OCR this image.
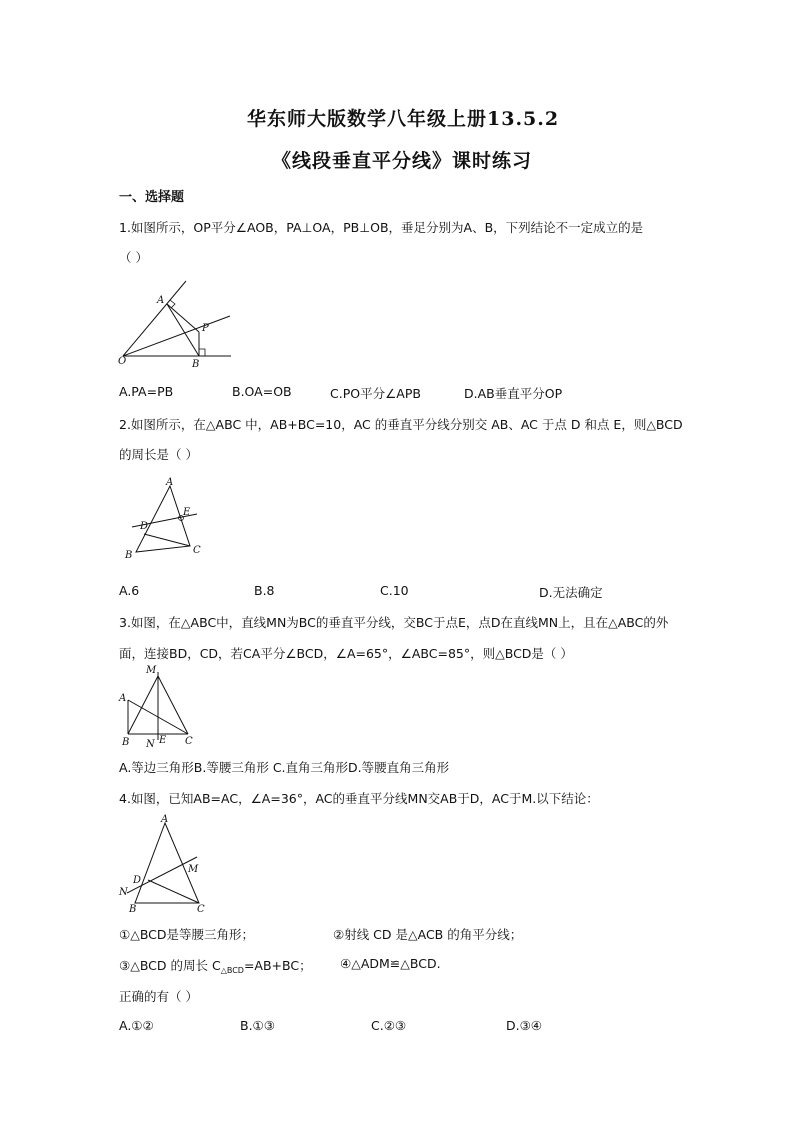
华东师大版数学八年级上册13.5.2
《线段垂直平分线》课时练习
一、选择题
1.如图所示，OP平分∠AOB，PA⊥OA，PB⊥OB，垂足分别为A、B，下列结论不一定成立的是
（ ）
A
P
O	B
A.PA=PB	B.OA=OB	C.PO平分∠APB	D.AB垂直平分OP
2.如图所示，在△ABC 中，AB+BC=10，AC 的垂直平分线分别交 AB、AC 于点 D 和点 E，则△BCD
的周长是（ ）
A
D
E
B	C
A.6	B.8	C.10	D.无法确定
3.如图，在△ABC中，直线MN为BC的垂直平分线，交BC于点E，点D在直线MN上，且在△ABC的外
面，连接BD，CD，若CA平分∠BCD，∠A=65°，∠ABC=85°，则△BCD是（ ）
M
A
B N E C
A.等边三角形B.等腰三角形 C.直角三角形D.等腰直角三角形
4.如图，已知AB=AC，∠A=36°，AC的垂直平分线MN交AB于D，AC于M.以下结论：
A
M
D
N
B	C
①△BCD是等腰三角形；	②射线 CD 是△ACB 的角平分线；
③△BCD 的周长 $C_{\triangle BCD}=AB+BC$； ④△ADM≌△BCD.
正确的有（ ）
A.①②	B.①③	C.②③	D.③④
